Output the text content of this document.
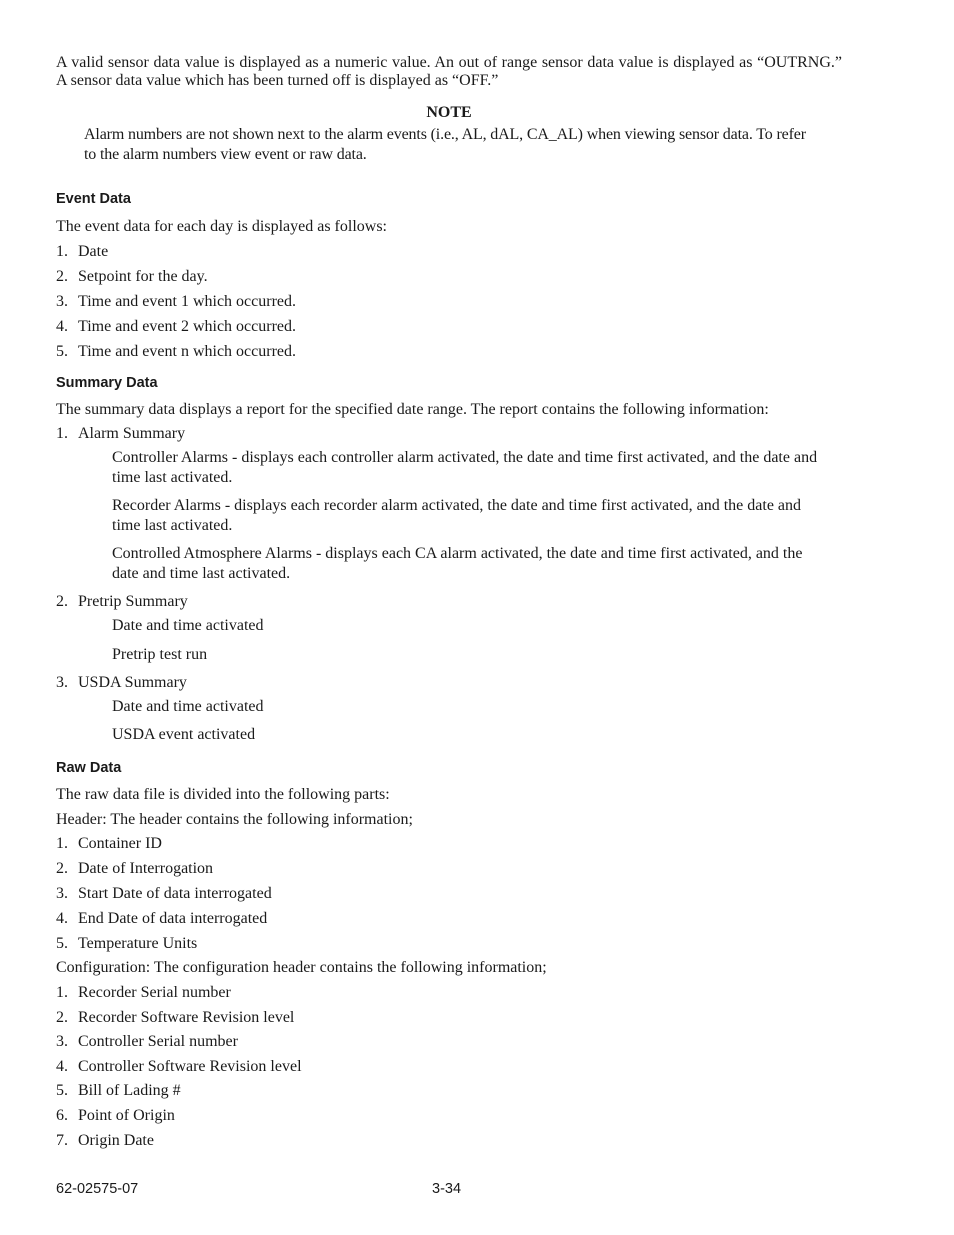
A valid sensor data value is displayed as a numeric value. An out of range sensor data value is displayed as “OUTRNG.” A sensor data value which has been turned off is displayed as “OFF.”

NOTE
Alarm numbers are not shown next to the alarm events (i.e., AL, dAL, CA_AL) when viewing sensor data. To refer to the alarm numbers view event or raw data.
Event Data

The event data for each day is displayed as follows:

1. Date
2. Setpoint for the day.
3. Time and event 1 which occurred.
4. Time and event 2 which occurred.
5. Time and event n which occurred.
Summary Data

The summary data displays a report for the specified date range. The report contains the following information:

1. Alarm Summary
Controller Alarms - displays each controller alarm activated, the date and time first activated, and the date and time last activated.
Recorder Alarms - displays each recorder alarm activated, the date and time first activated, and the date and time last activated.
Controlled Atmosphere Alarms - displays each CA alarm activated, the date and time first activated, and the date and time last activated.
2. Pretrip Summary
Date and time activated
Pretrip test run
3. USDA Summary
Date and time activated
USDA event activated
Raw Data

The raw data file is divided into the following parts:

Header: The header contains the following information;

1. Container ID
2. Date of Interrogation
3. Start Date of data interrogated
4. End Date of data interrogated
5. Temperature Units

Configuration: The configuration header contains the following information;

1. Recorder Serial number
2. Recorder Software Revision level
3. Controller Serial number
4. Controller Software Revision level
5. Bill of Lading #
6. Point of Origin
7. Origin Date
62-02575-07	3-34
